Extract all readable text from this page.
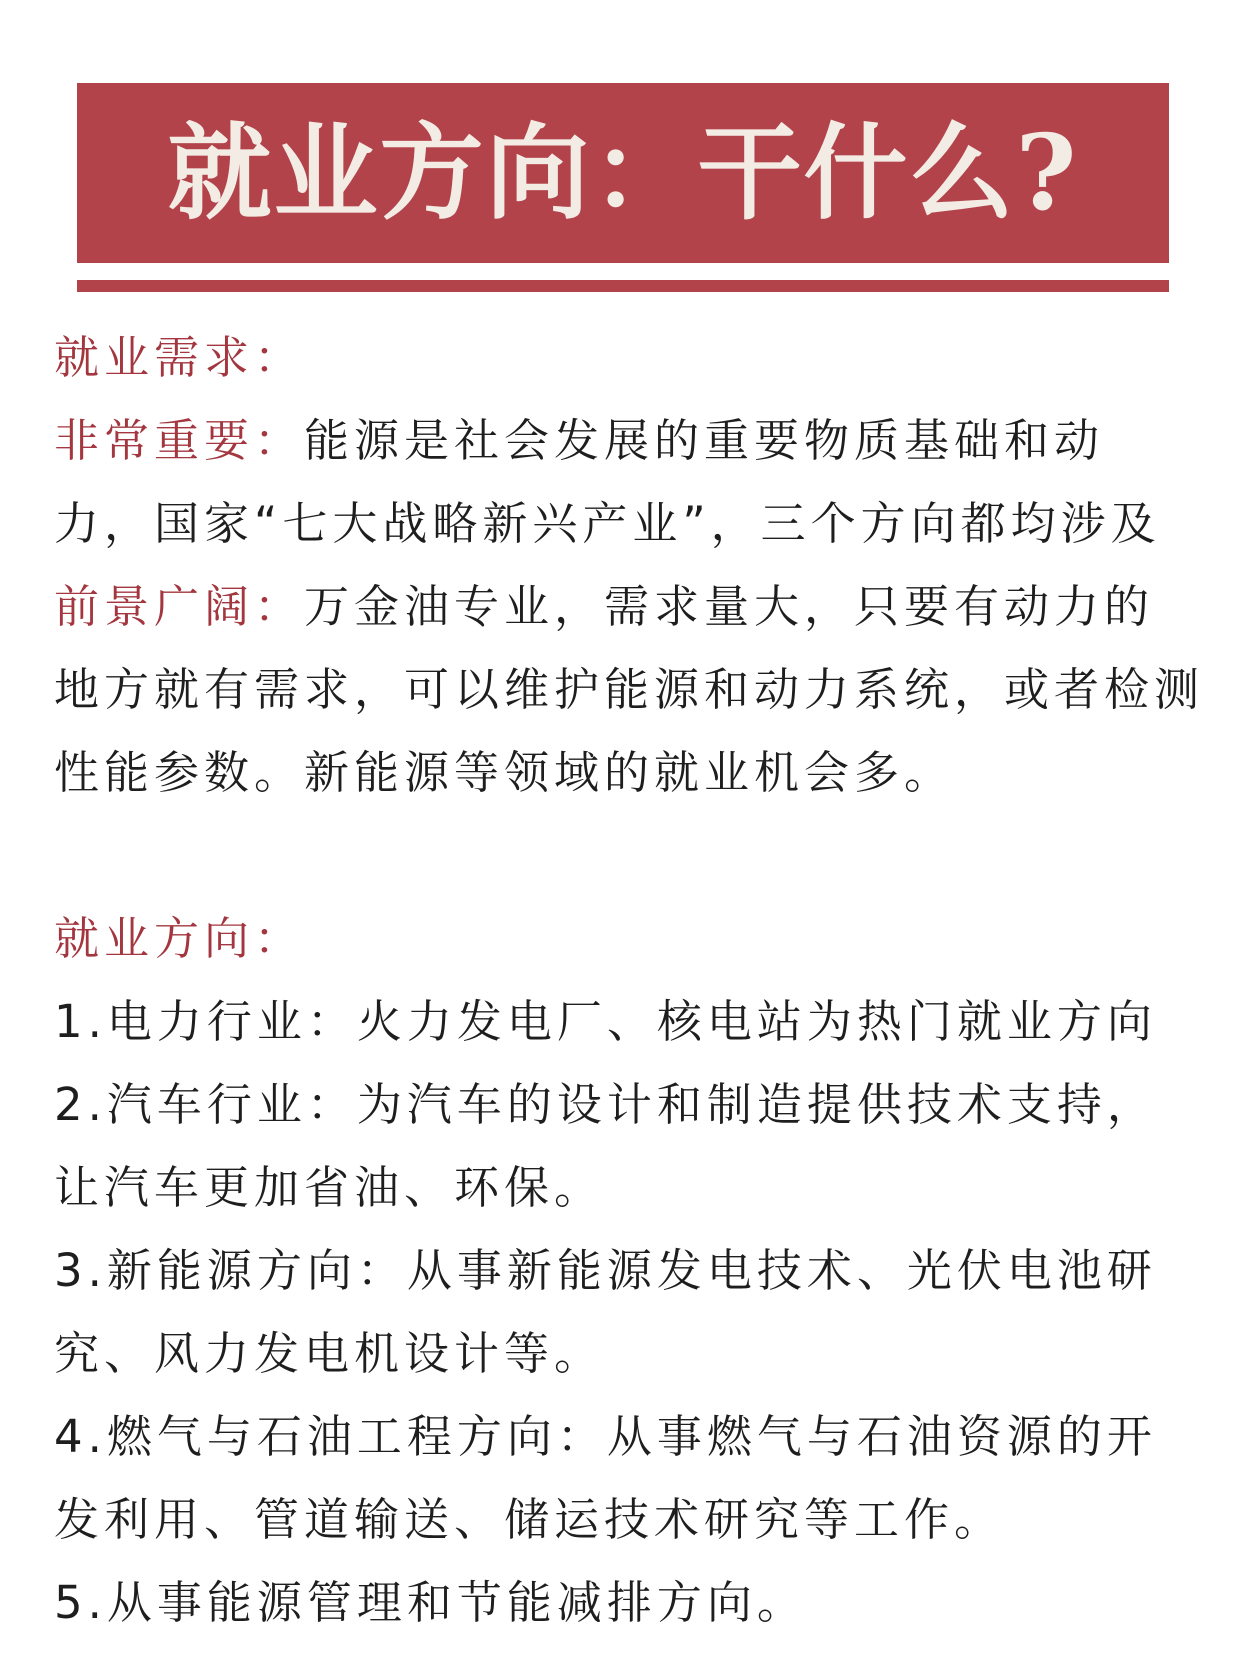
就业方向：干什么?

就业需求：

非常重要：能源是社会发展的重要物质基础和动力，国家“七大战略新兴产业”，三个方向都均涉及

前景广阔：万金油专业，需求量大，只要有动力的地方就有需求，可以维护能源和动力系统，或者检测性能参数。新能源等领域的就业机会多。

就业方向：

1.电力行业：火力发电厂、核电站为热门就业方向

2.汽车行业：为汽车的设计和制造提供技术支持，让汽车更加省油、环保。

3.新能源方向：从事新能源发电技术、光伏电池研究、风力发电机设计等。

4.燃气与石油工程方向：从事燃气与石油资源的开发利用、管道输送、储运技术研究等工作。

5.从事能源管理和节能减排方向。
